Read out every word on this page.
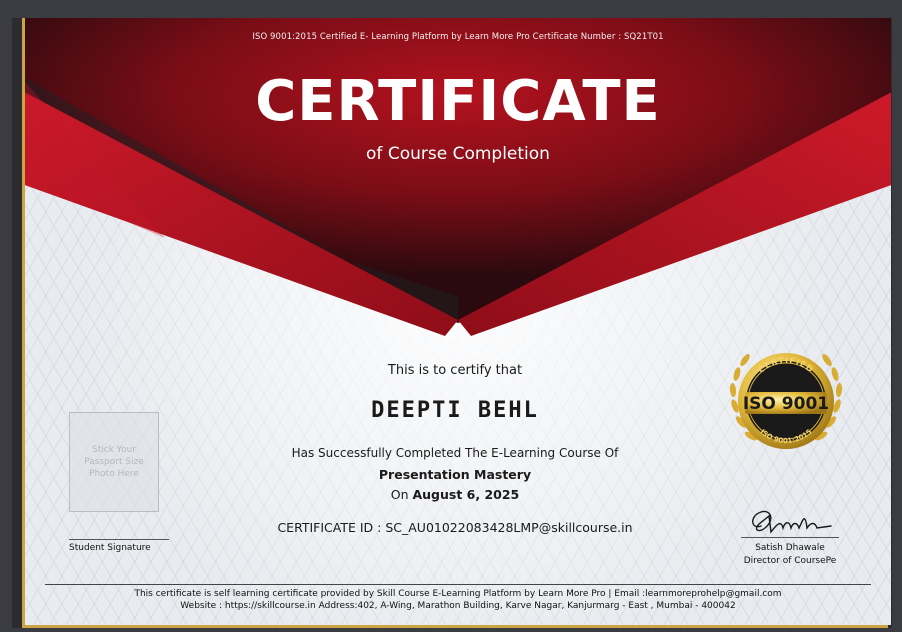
ISO 9001:2015 Certified E- Learning Platform by Learn More Pro Certificate Number : SQ21T01
CERTIFICATE
of Course Completion
This is to certify that
DEEPTI BEHL
Has Successfully Completed The E-Learning Course Of
Presentation Mastery
On August 6, 2025
CERTIFICATE ID : SC_AU01022083428LMP@skillcourse.in
Stick Your Passport Size Photo Here
Student Signature	Satish Dhawale
Director of CoursePe
CERTIFIED
ISO 9001
ISO 9001:2015
This certificate is self learning certificate provided by Skill Course E-Learning Platform by Learn More Pro | Email :learnmoreprohelp@gmail.com
Website : https://skillcourse.in Address:402, A-Wing, Marathon Building, Karve Nagar, Kanjurmarg - East , Mumbai - 400042
